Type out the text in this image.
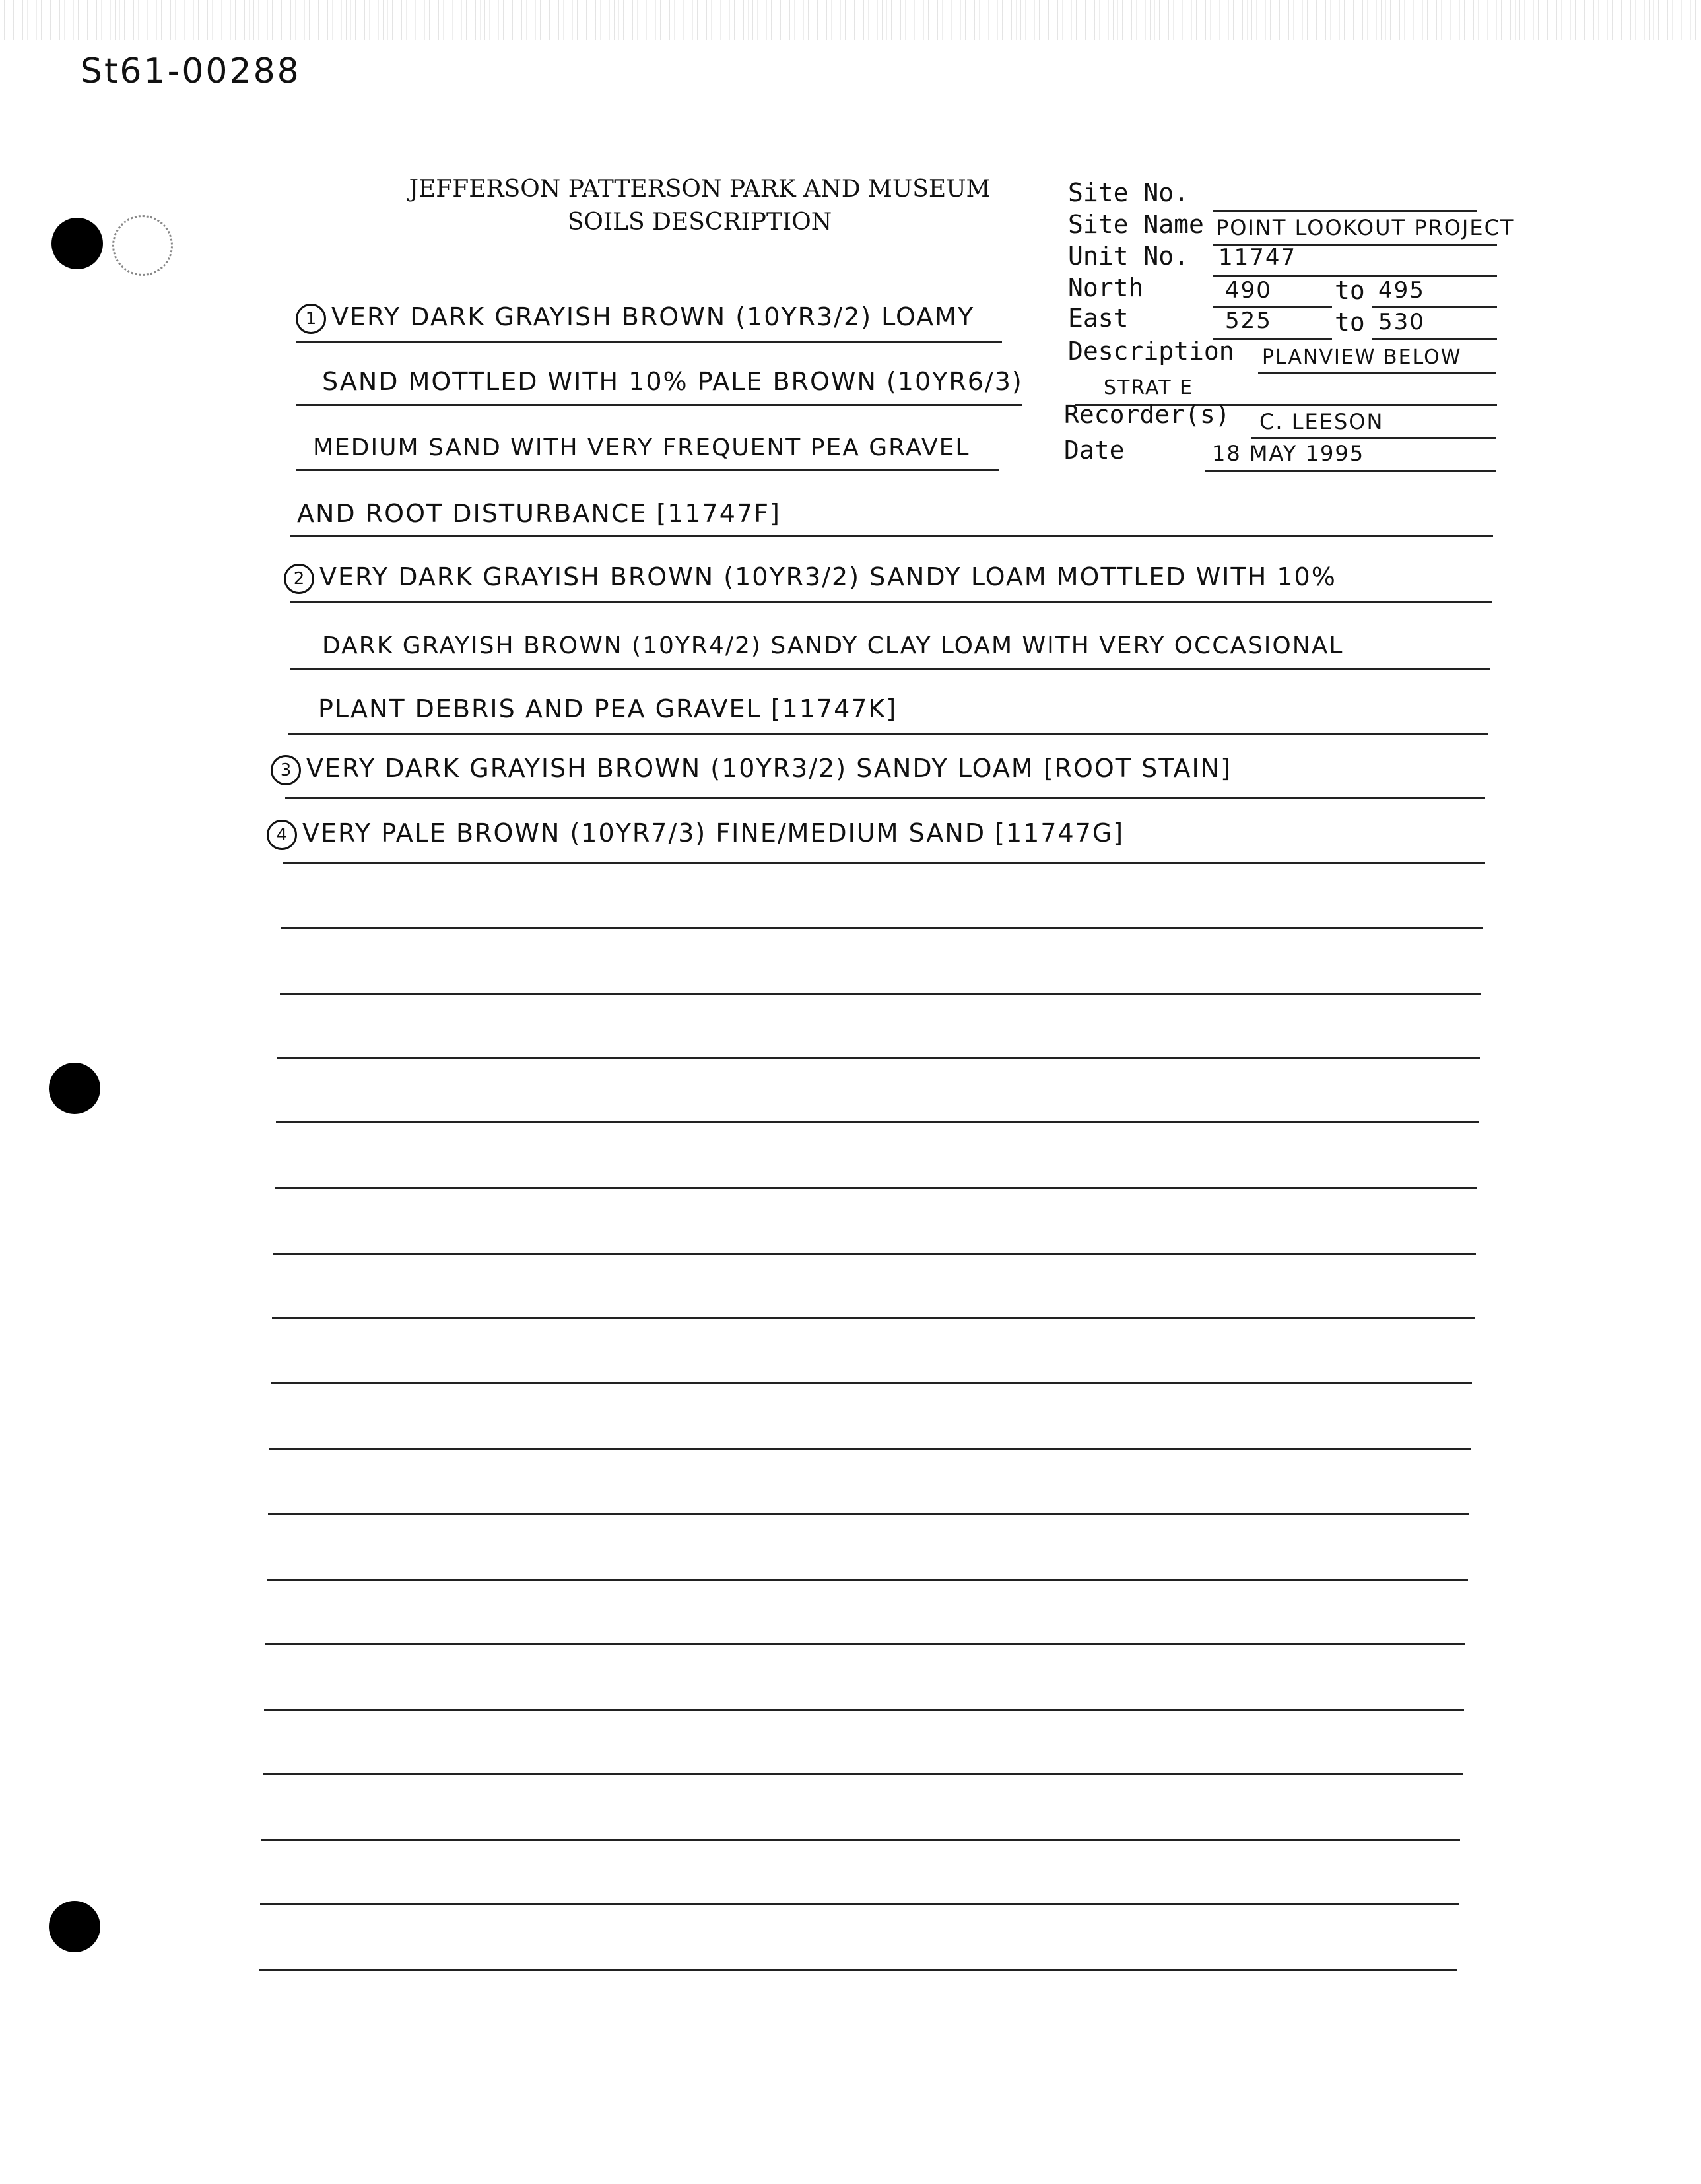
St61-00288
JEFFERSON PATTERSON PARK AND MUSEUM
SOILS DESCRIPTION
Site No.
Site Name POINT LOOKOUT PROJECT
Unit No. 11747
North	490	to 495
East	525	to 530
Description PLANVIEW BELOW
STRAT E
Recorder(s) C. LEESON
Date	18 MAY 1995
1 VERY DARK GRAYISH BROWN (10YR3/2) LOAMY
SAND MOTTLED WITH 10% PALE BROWN (10YR6/3)
MEDIUM SAND WITH VERY FREQUENT PEA GRAVEL
AND ROOT DISTURBANCE [11747F]
2 VERY DARK GRAYISH BROWN (10YR3/2) SANDY LOAM MOTTLED WITH 10%
DARK GRAYISH BROWN (10YR4/2) SANDY CLAY LOAM WITH VERY OCCASIONAL
PLANT DEBRIS AND PEA GRAVEL [11747K]
3 VERY DARK GRAYISH BROWN (10YR3/2) SANDY LOAM [ROOT STAIN]
4 VERY PALE BROWN (10YR7/3) FINE/MEDIUM SAND [11747G]
